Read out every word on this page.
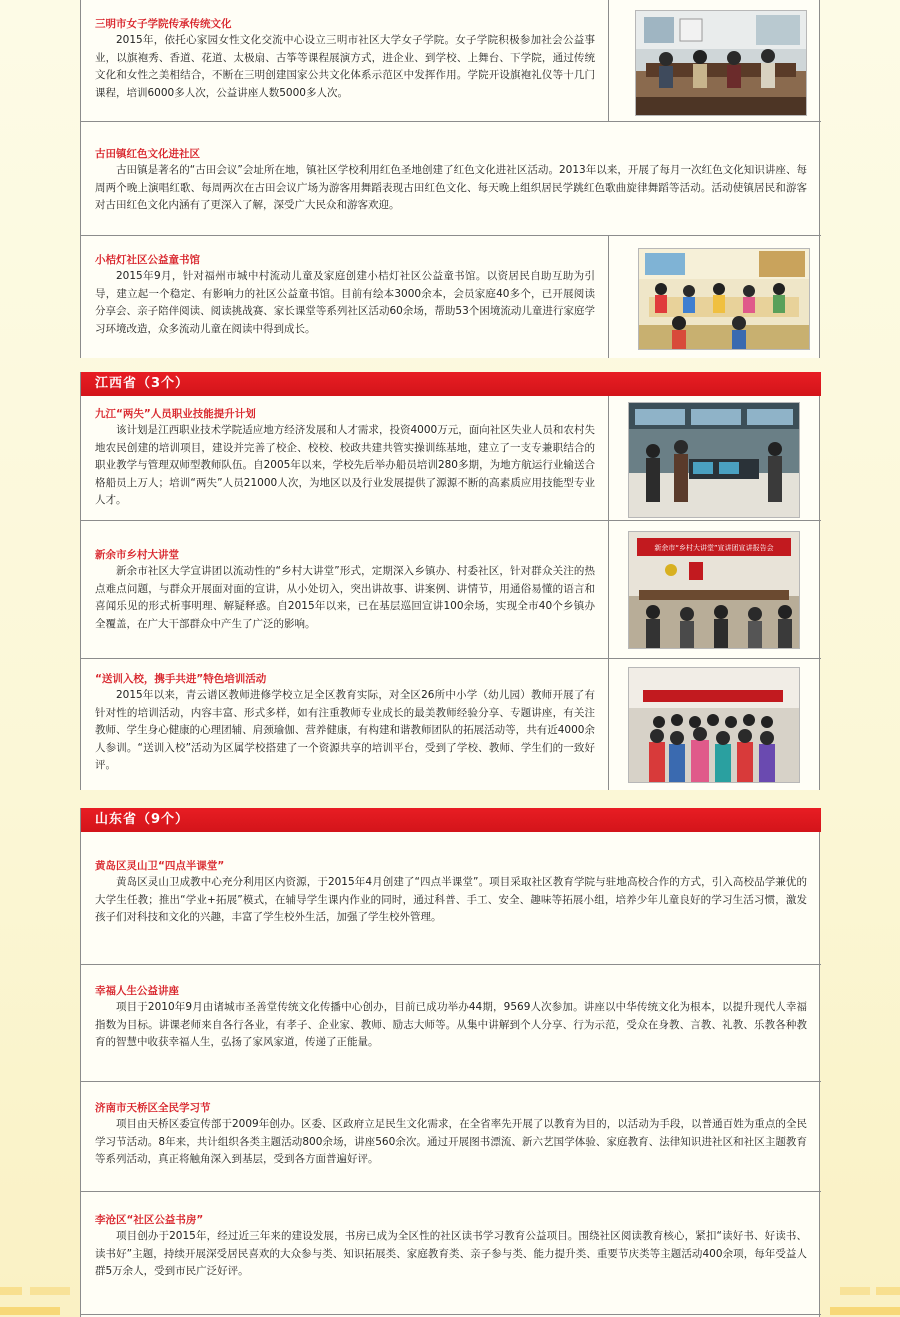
三明市女子学院传承传统文化

2015年，依托心家园女性文化交流中心设立三明市社区大学女子学院。女子学院积极参加社会公益事业，以旗袍秀、香道、花道、太极扇、古筝等课程展演方式，进企业、到学校、上舞台、下学院，通过传统文化和女性之美相结合，不断在三明创建国家公共文化体系示范区中发挥作用。学院开设旗袍礼仪等十几门课程，培训6000多人次，公益讲座人数5000多人次。

古田镇红色文化进社区

古田镇是著名的“古田会议”会址所在地，镇社区学校利用红色圣地创建了红色文化进社区活动。2013年以来，开展了每月一次红色文化知识讲座、每周两个晚上演唱红歌、每周两次在古田会议广场为游客用舞蹈表现古田红色文化、每天晚上组织居民学跳红色歌曲旋律舞蹈等活动。活动使镇居民和游客对古田红色文化内涵有了更深入了解，深受广大民众和游客欢迎。

小桔灯社区公益童书馆

2015年9月，针对福州市城中村流动儿童及家庭创建小桔灯社区公益童书馆。以资居民自助互助为引导，建立起一个稳定、有影响力的社区公益童书馆。目前有绘本3000余本，会员家庭40多个，已开展阅读分享会、亲子陪伴阅读、阅读挑战赛、家长课堂等系列社区活动60余场，帮助53个困境流动儿童进行家庭学习环境改造，众多流动儿童在阅读中得到成长。

江西省（3个）
九江“两失”人员职业技能提升计划

该计划是江西职业技术学院适应地方经济发展和人才需求，投资4000万元，面向社区失业人员和农村失地农民创建的培训项目，建设并完善了校企、校校、校政共建共管实操训练基地，建立了一支专兼职结合的职业教学与管理双师型教师队伍。自2005年以来，学校先后举办船员培训280多期，为地方航运行业输送合格船员上万人；培训“两失”人员21000人次，为地区以及行业发展提供了源源不断的高素质应用技能型专业人才。

新余市乡村大讲堂

新余市社区大学宣讲团以流动性的“乡村大讲堂”形式，定期深入乡镇办、村委社区，针对群众关注的热点难点问题，与群众开展面对面的宣讲，从小处切入，突出讲故事、讲案例、讲情节，用通俗易懂的语言和喜闻乐见的形式析事明理、解疑释惑。自2015年以来，已在基层巡回宣讲100余场，实现全市40个乡镇办全覆盖，在广大干部群众中产生了广泛的影响。

新余市“乡村大讲堂”宣讲团宣讲报告会
“送训入校，携手共进”特色培训活动

2015年以来，青云谱区教师进修学校立足全区教育实际，对全区26所中小学（幼儿园）教师开展了有针对性的培训活动，内容丰富、形式多样，如有注重教师专业成长的最美教师经验分享、专题讲座，有关注教师、学生身心健康的心理团辅、肩颈瑜伽、营养健康，有构建和谐教师团队的拓展活动等，共有近4000余人参训。“送训入校”活动为区属学校搭建了一个资源共享的培训平台，受到了学校、教师、学生们的一致好评。

山东省（9个）
黄岛区灵山卫“四点半课堂”

黄岛区灵山卫成教中心充分利用区内资源，于2015年4月创建了“四点半课堂”。项目采取社区教育学院与驻地高校合作的方式，引入高校品学兼优的大学生任教；推出“学业+拓展”模式，在辅导学生课内作业的同时，通过科普、手工、安全、趣味等拓展小组，培养少年儿童良好的学习生活习惯，激发孩子们对科技和文化的兴趣，丰富了学生校外生活，加强了学生校外管理。

幸福人生公益讲座

项目于2010年9月由诸城市圣善堂传统文化传播中心创办，目前已成功举办44期，9569人次参加。讲座以中华传统文化为根本，以提升现代人幸福指数为目标。讲课老师来自各行各业，有孝子、企业家、教师、励志大师等。从集中讲解到个人分享、行为示范，受众在身教、言教、礼教、乐教各种教育的智慧中收获幸福人生，弘扬了家风家道，传递了正能量。

济南市天桥区全民学习节

项目由天桥区委宣传部于2009年创办。区委、区政府立足民生文化需求，在全省率先开展了以教育为目的，以活动为手段，以普通百姓为重点的全民学习节活动。8年来，共计组织各类主题活动800余场，讲座560余次。通过开展图书漂流、新六艺国学体验、家庭教育、法律知识进社区和社区主题教育等系列活动，真正将触角深入到基层，受到各方面普遍好评。

李沧区“社区公益书房”

项目创办于2015年，经过近三年来的建设发展，书房已成为全区性的社区读书学习教育公益项目。围绕社区阅读教育核心，紧扣“读好书、好读书、读书好”主题，持续开展深受居民喜欢的大众参与类、知识拓展类、家庭教育类、亲子参与类、能力提升类、重要节庆类等主题活动400余项，每年受益人群5万余人，受到市民广泛好评。
